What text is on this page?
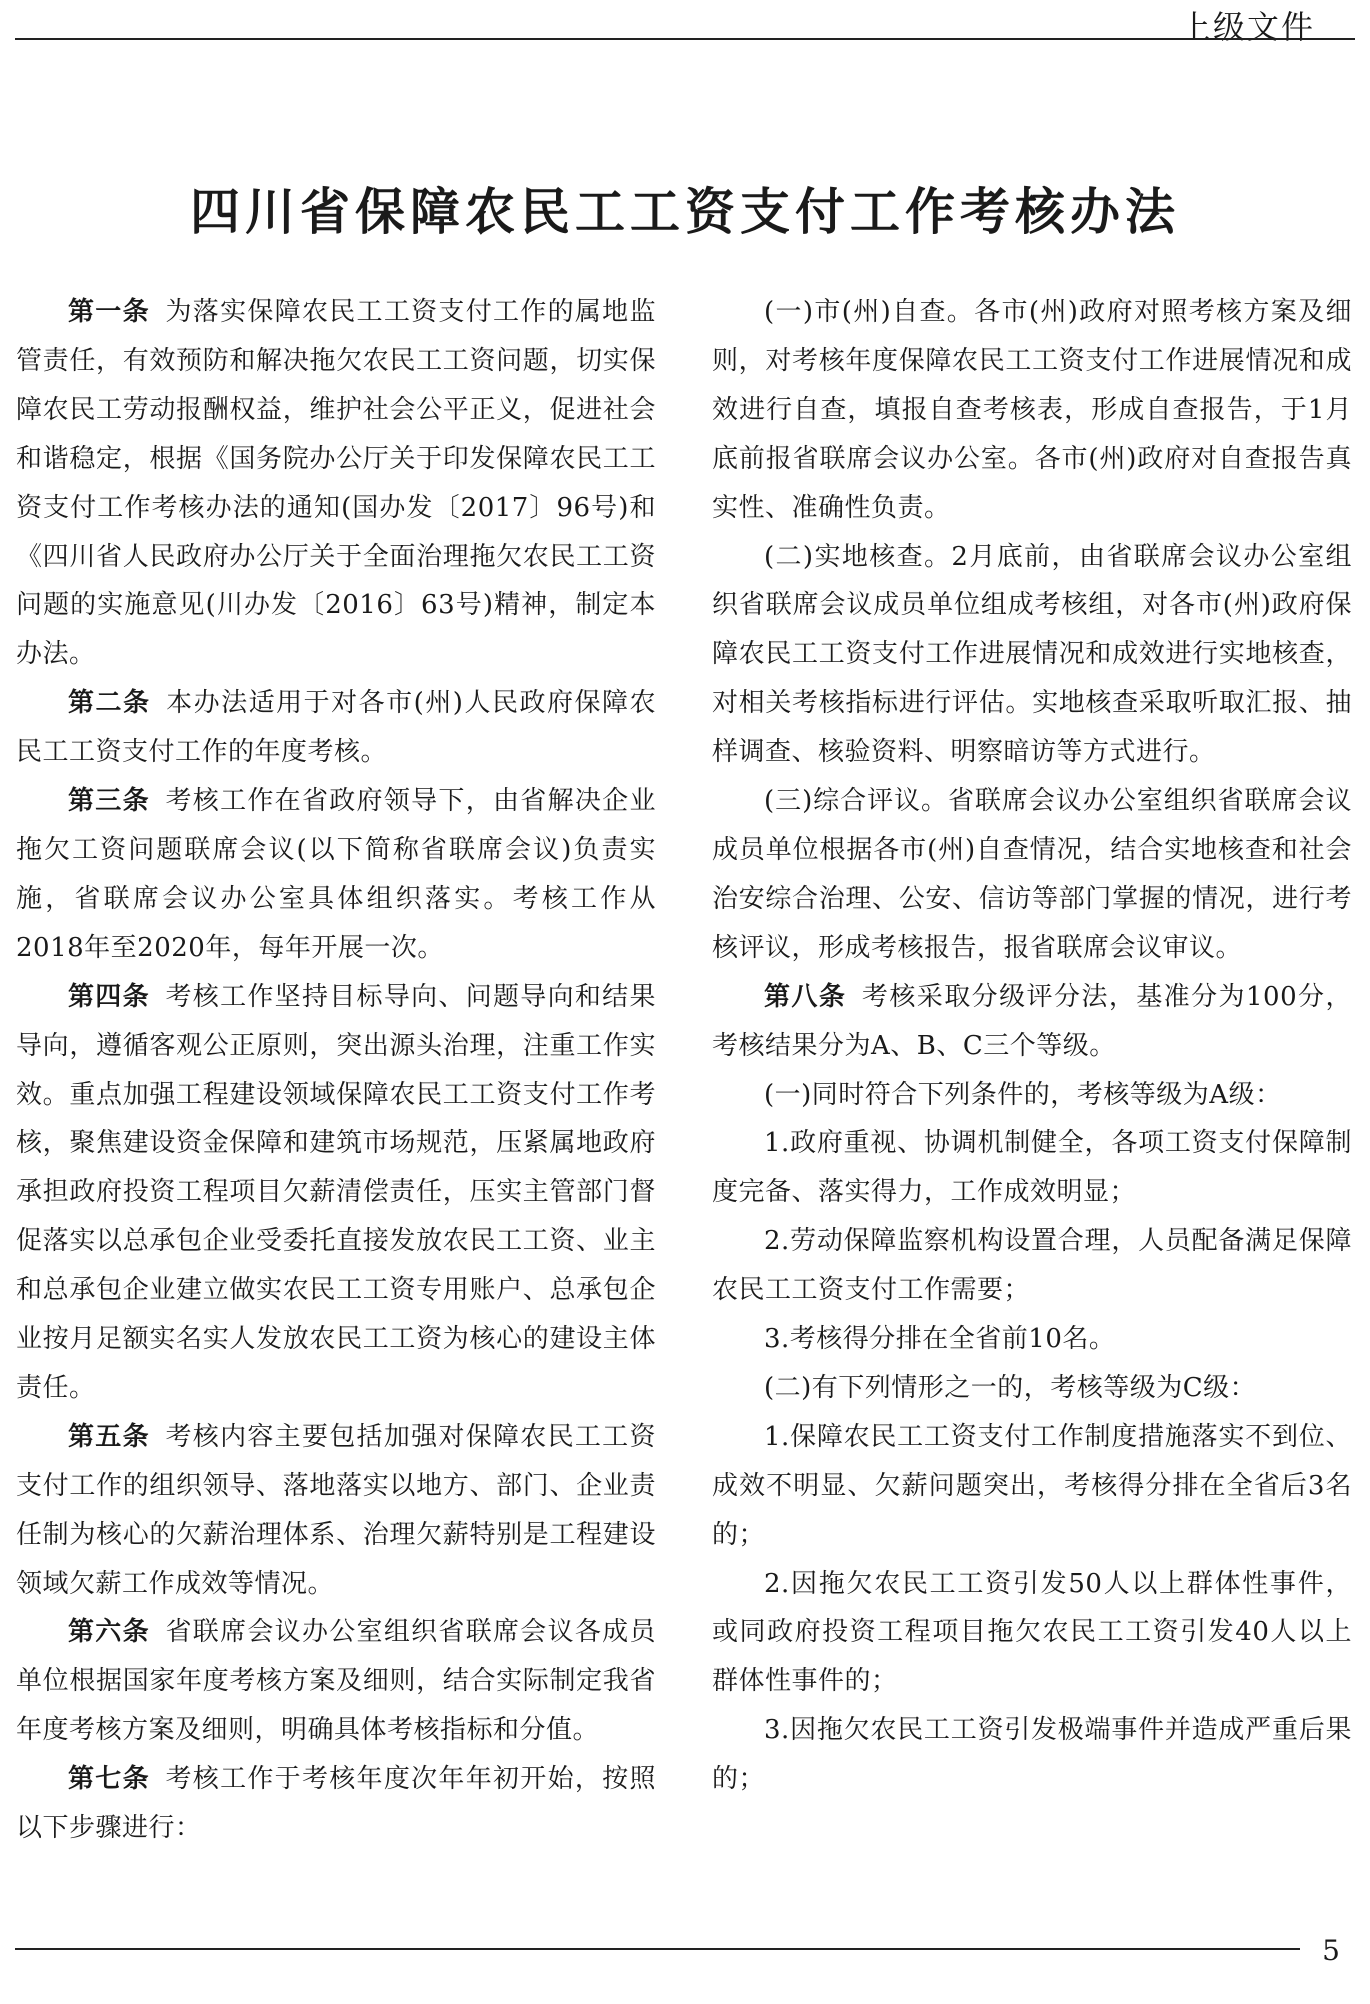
上级文件
四川省保障农民工工资支付工作考核办法

第一条 为落实保障农民工工资支付工作的属地监管责任，有效预防和解决拖欠农民工工资问题，切实保障农民工劳动报酬权益，维护社会公平正义，促进社会和谐稳定，根据《国务院办公厅关于印发保障农民工工资支付工作考核办法的通知(国办发〔2017〕96号)和《四川省人民政府办公厅关于全面治理拖欠农民工工资问题的实施意见(川办发〔2016〕63号)精神，制定本办法。

第二条 本办法适用于对各市(州)人民政府保障农民工工资支付工作的年度考核。

第三条 考核工作在省政府领导下，由省解决企业拖欠工资问题联席会议(以下简称省联席会议)负责实施，省联席会议办公室具体组织落实。考核工作从2018年至2020年，每年开展一次。

第四条 考核工作坚持目标导向、问题导向和结果导向，遵循客观公正原则，突出源头治理，注重工作实效。重点加强工程建设领域保障农民工工资支付工作考核，聚焦建设资金保障和建筑市场规范，压紧属地政府承担政府投资工程项目欠薪清偿责任，压实主管部门督促落实以总承包企业受委托直接发放农民工工资、业主和总承包企业建立做实农民工工资专用账户、总承包企业按月足额实名实人发放农民工工资为核心的建设主体责任。

第五条 考核内容主要包括加强对保障农民工工资支付工作的组织领导、落地落实以地方、部门、企业责任制为核心的欠薪治理体系、治理欠薪特别是工程建设领域欠薪工作成效等情况。

第六条 省联席会议办公室组织省联席会议各成员单位根据国家年度考核方案及细则，结合实际制定我省年度考核方案及细则，明确具体考核指标和分值。

第七条 考核工作于考核年度次年年初开始，按照以下步骤进行：

(一)市(州)自查。各市(州)政府对照考核方案及细则，对考核年度保障农民工工资支付工作进展情况和成效进行自查，填报自查考核表，形成自查报告，于1月底前报省联席会议办公室。各市(州)政府对自查报告真实性、准确性负责。

(二)实地核查。2月底前，由省联席会议办公室组织省联席会议成员单位组成考核组，对各市(州)政府保障农民工工资支付工作进展情况和成效进行实地核查，对相关考核指标进行评估。实地核查采取听取汇报、抽样调查、核验资料、明察暗访等方式进行。

(三)综合评议。省联席会议办公室组织省联席会议成员单位根据各市(州)自查情况，结合实地核查和社会治安综合治理、公安、信访等部门掌握的情况，进行考核评议，形成考核报告，报省联席会议审议。

第八条 考核采取分级评分法，基准分为100分，考核结果分为A、B、C三个等级。

(一)同时符合下列条件的，考核等级为A级：

1.政府重视、协调机制健全，各项工资支付保障制度完备、落实得力，工作成效明显；

2.劳动保障监察机构设置合理，人员配备满足保障农民工工资支付工作需要；

3.考核得分排在全省前10名。

(二)有下列情形之一的，考核等级为C级：

1.保障农民工工资支付工作制度措施落实不到位、成效不明显、欠薪问题突出，考核得分排在全省后3名的；

2.因拖欠农民工工资引发50人以上群体性事件，或同政府投资工程项目拖欠农民工工资引发40人以上群体性事件的；

3.因拖欠农民工工资引发极端事件并造成严重后果的；

5
